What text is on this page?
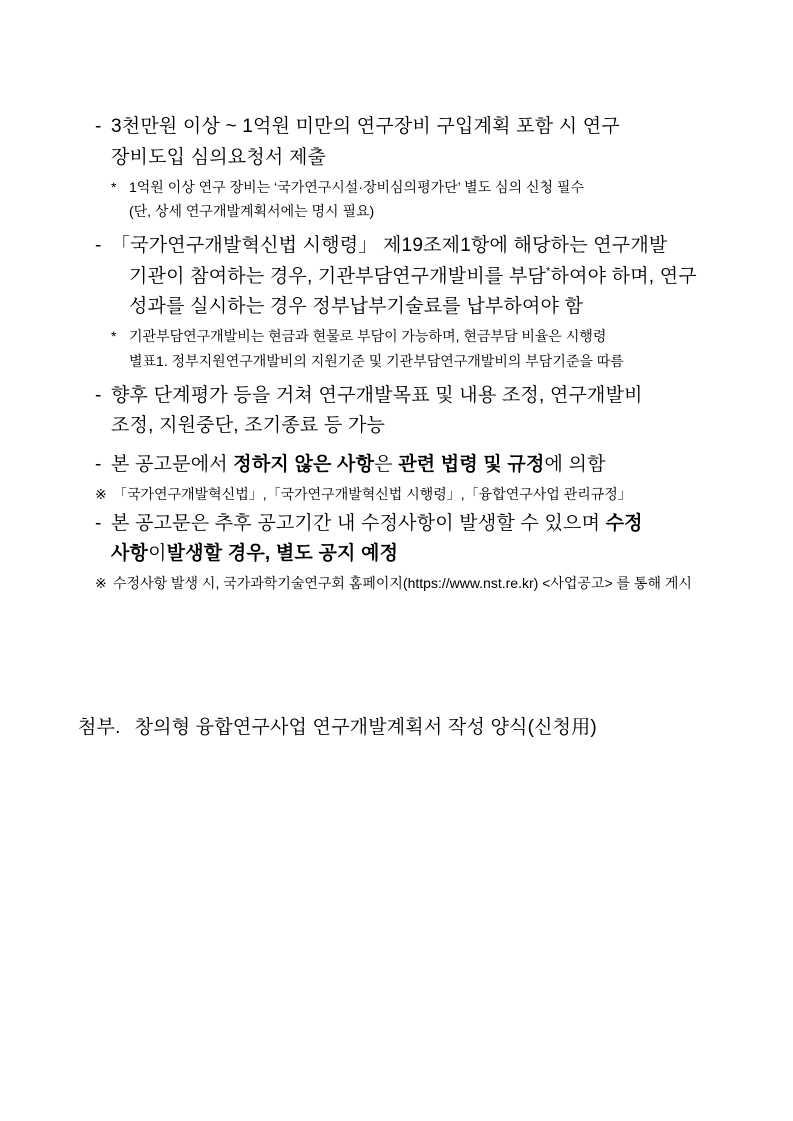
- 3천만원 이상 ~ 1억원 미만의 연구장비 구입계획 포함 시 연구
장비도입 심의요청서 제출
* 1억원 이상 연구 장비는 ‘국가연구시설·장비심의평가단’ 별도 심의 신청 필수
(단, 상세 연구개발계획서에는 명시 필요)
- 「국가연구개발혁신법 시행령」 제19조제1항에 해당하는 연구개발
기관이 참여하는 경우, 기관부담연구개발비를 부담*하여야 하며, 연구
성과를 실시하는 경우 정부납부기술료를 납부하여야 함
* 기관부담연구개발비는 현금과 현물로 부담이 가능하며, 현금부담 비율은 시행령
별표1. 정부지원연구개발비의 지원기준 및 기관부담연구개발비의 부담기준을 따름
- 향후 단계평가 등을 거쳐 연구개발목표 및 내용 조정, 연구개발비
조정, 지원중단, 조기종료 등 가능
- 본 공고문에서 정하지 않은 사항은 관련 법령 및 규정에 의함
※ 「국가연구개발혁신법」,「국가연구개발혁신법 시행령」,「융합연구사업 관리규정」
- 본 공고문은 추후 공고기간 내 수정사항이 발생할 수 있으며 수정
사항이발생할 경우, 별도 공지 예정
※ 수정사항 발생 시, 국가과학기술연구회 홈페이지(https://www.nst.re.kr) <사업공고> 를 통해 게시
첨부. 창의형 융합연구사업 연구개발계획서 작성 양식(신청用)
